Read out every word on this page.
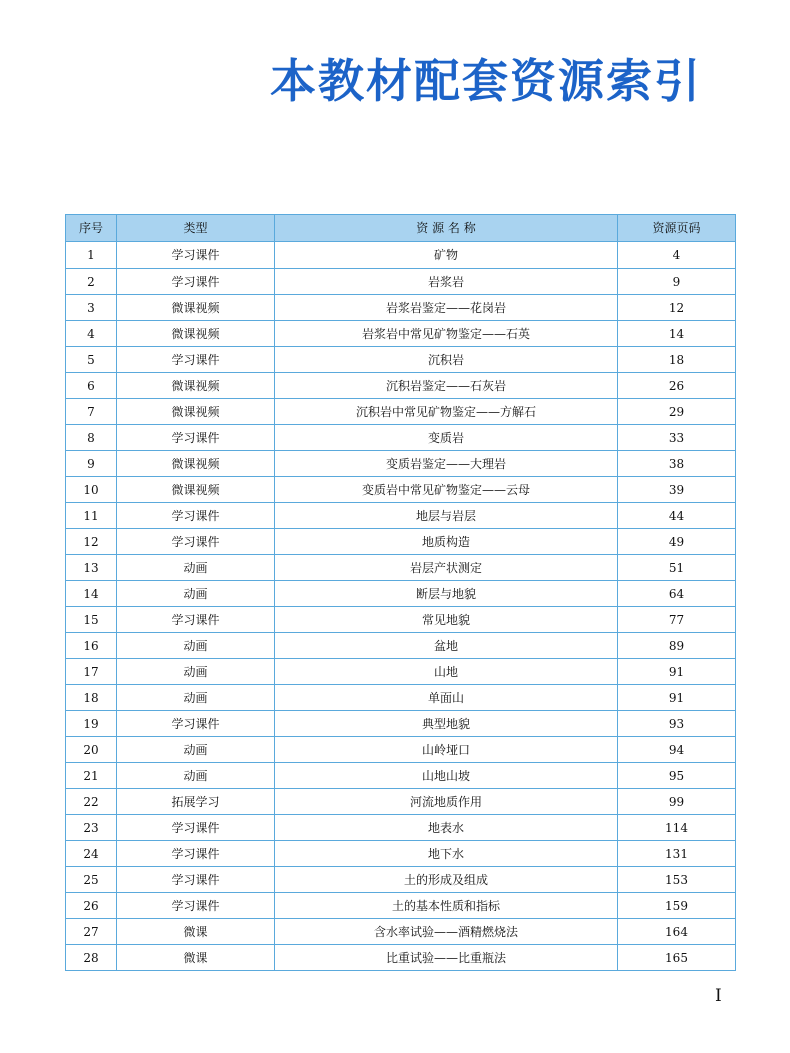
本教材配套资源索引
序号	类型	资 源 名 称	资源页码
1	学习课件	矿物	4
2	学习课件	岩浆岩	9
3	微课视频	岩浆岩鉴定——花岗岩	12
4	微课视频	岩浆岩中常见矿物鉴定——石英	14
5	学习课件	沉积岩	18
6	微课视频	沉积岩鉴定——石灰岩	26
7	微课视频	沉积岩中常见矿物鉴定——方解石	29
8	学习课件	变质岩	33
9	微课视频	变质岩鉴定——大理岩	38
10	微课视频	变质岩中常见矿物鉴定——云母	39
11	学习课件	地层与岩层	44
12	学习课件	地质构造	49
13	动画	岩层产状测定	51
14	动画	断层与地貌	64
15	学习课件	常见地貌	77
16	动画	盆地	89
17	动画	山地	91
18	动画	单面山	91
19	学习课件	典型地貌	93
20	动画	山岭垭口	94
21	动画	山地山坡	95
22	拓展学习	河流地质作用	99
23	学习课件	地表水	114
24	学习课件	地下水	131
25	学习课件	土的形成及组成	153
26	学习课件	土的基本性质和指标	159
27	微课	含水率试验——酒精燃烧法	164
28	微课	比重试验——比重瓶法	165
I
